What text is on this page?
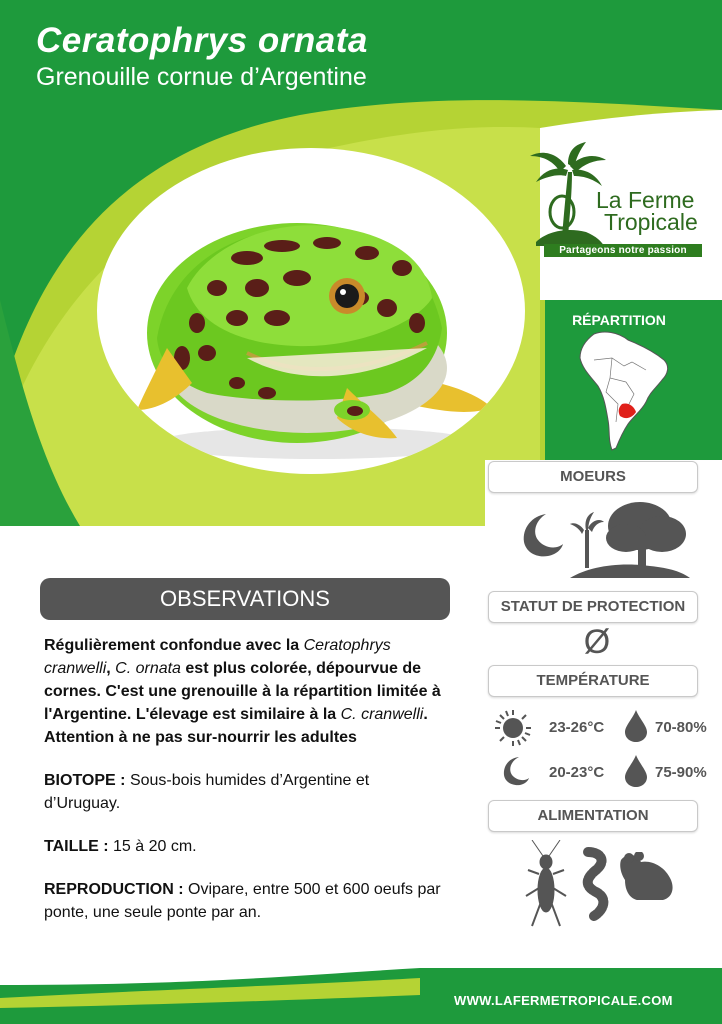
Ceratophrys ornata
Grenouille cornue d’Argentine
La Ferme
Tropicale
Partageons notre passion
RÉPARTITION
MOEURS
STATUT DE PROTECTION
Ø
TEMPÉRATURE
23-26°C	70-80%
20-23°C	75-90%
ALIMENTATION
OBSERVATIONS
Régulièrement confondue avec la Ceratophrys cranwelli, C. ornata est plus colorée, dépourvue de cornes. C'est une grenouille à la répartition limitée à l'Argentine. L'élevage est similaire à la C. cranwelli. Attention à ne pas sur-nourrir les adultes
BIOTOPE : Sous-bois humides d’Argentine et d’Uruguay.
TAILLE : 15 à 20 cm.
REPRODUCTION : Ovipare, entre 500 et 600 oeufs par ponte, une seule ponte par an.
WWW.LAFERMETROPICALE.COM
